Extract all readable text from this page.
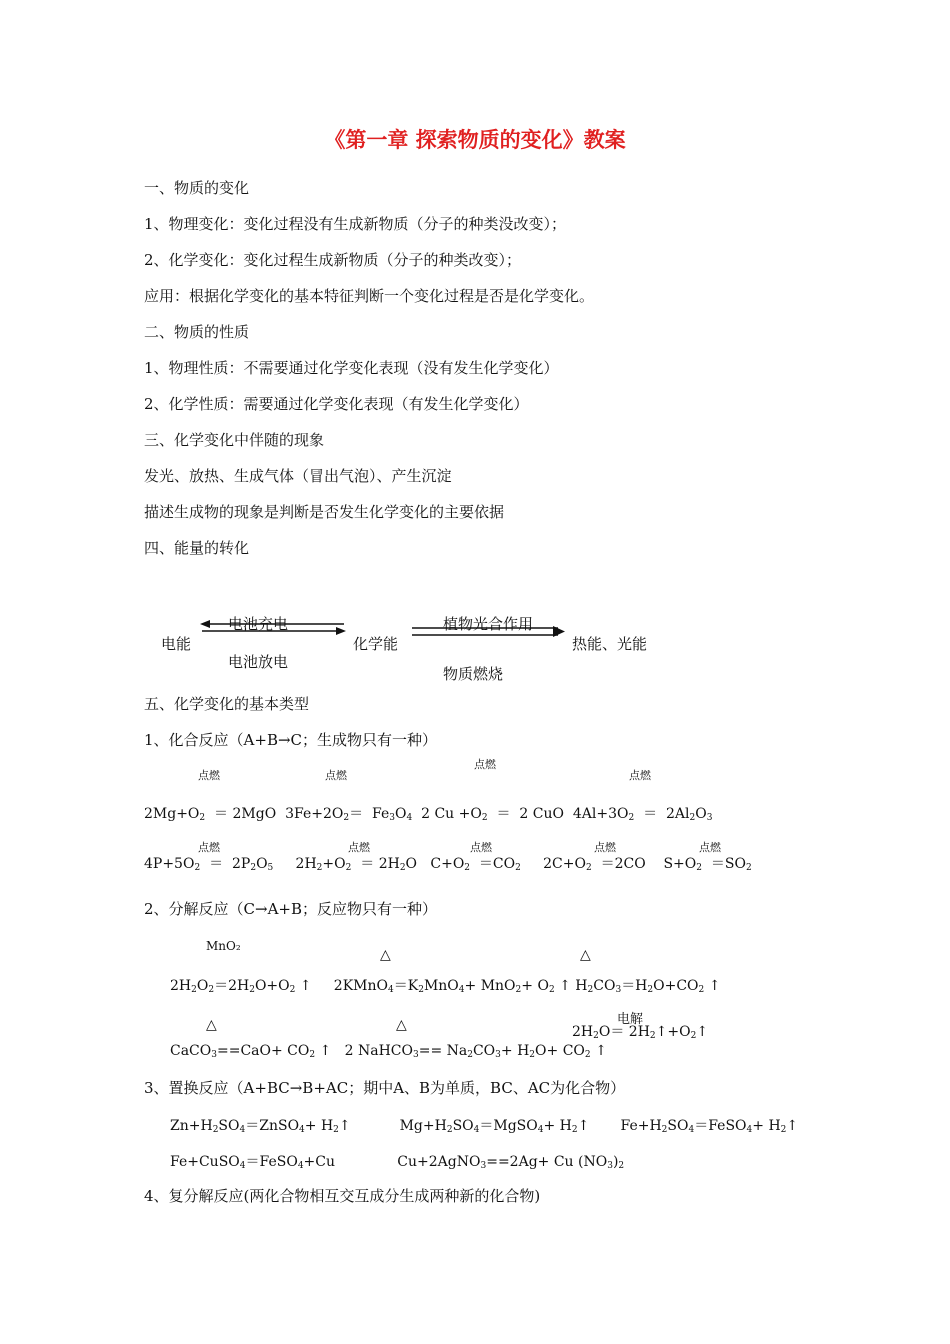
《第一章 探索物质的变化》教案
一、物质的变化
1、物理变化：变化过程没有生成新物质（分子的种类没改变）；
2、化学变化：变化过程生成新物质（分子的种类改变）；
应用：根据化学变化的基本特征判断一个变化过程是否是化学变化。
二、物质的性质
1、物理性质：不需要通过化学变化表现（没有发生化学变化）
2、化学性质：需要通过化学变化表现（有发生化学变化）
三、化学变化中伴随的现象
发光、放热、生成气体（冒出气泡）、产生沉淀
描述生成物的现象是判断是否发生化学变化的主要依据
四、能量的转化
电能
电池充电
电池放电
化学能
植物光合作用
物质燃烧
热能、光能
五、化学变化的基本类型
1、化合反应（A+B→C；生成物只有一种）
点燃	点燃
点燃
点燃
$2Mg+O_2 = 2MgO$  $3Fe+2O_2= Fe_3O_4$  2 $Cu +O_2 = 2$ CuO  $4Al+3O_2 = 2Al_2O_3$
点燃	点燃	点燃	点燃	点燃
$4P+5O_2 = 2P_2O_5$     $2H_2+O_2 = 2H_2O$   $C+O_2 =CO_2$     $2C+O_2 =2CO$    $S+O_2 =SO_2$
2、分解反应（C→A+B；反应物只有一种）
MnO₂
△	△
$2H_2O_2=2H_2O+O_2$ ↑     $2KMnO_4=K_2MnO_4+ MnO_2+ O_2$ ↑ $H_2CO_3=H_2O+CO_2$ ↑
△	△	电解
$2H_2O=$ $2H_2↑+O_2↑$
CaCO$_3$==CaO+ $CO_2$ ↑   2 NaHCO$_3$== $Na_2CO_3+ H_2O+ CO_2$ ↑
3、置换反应（A+BC→B+AC；期中A、B为单质，BC、AC为化合物）
$Zn+H_2SO_4=ZnSO_4+$ $H_2↑$           $Mg+H_2SO_4=MgSO_4+$ $H_2↑$       $Fe+H_2SO_4=FeSO_4+$ $H_2↑$
Fe+CuSO$_4$＝FeSO$_4$+Cu              Cu+2AgNO$_3$==2Ag+ Cu $(NO_3)_2$
4、复分解反应(两化合物相互交互成分生成两种新的化合物)
